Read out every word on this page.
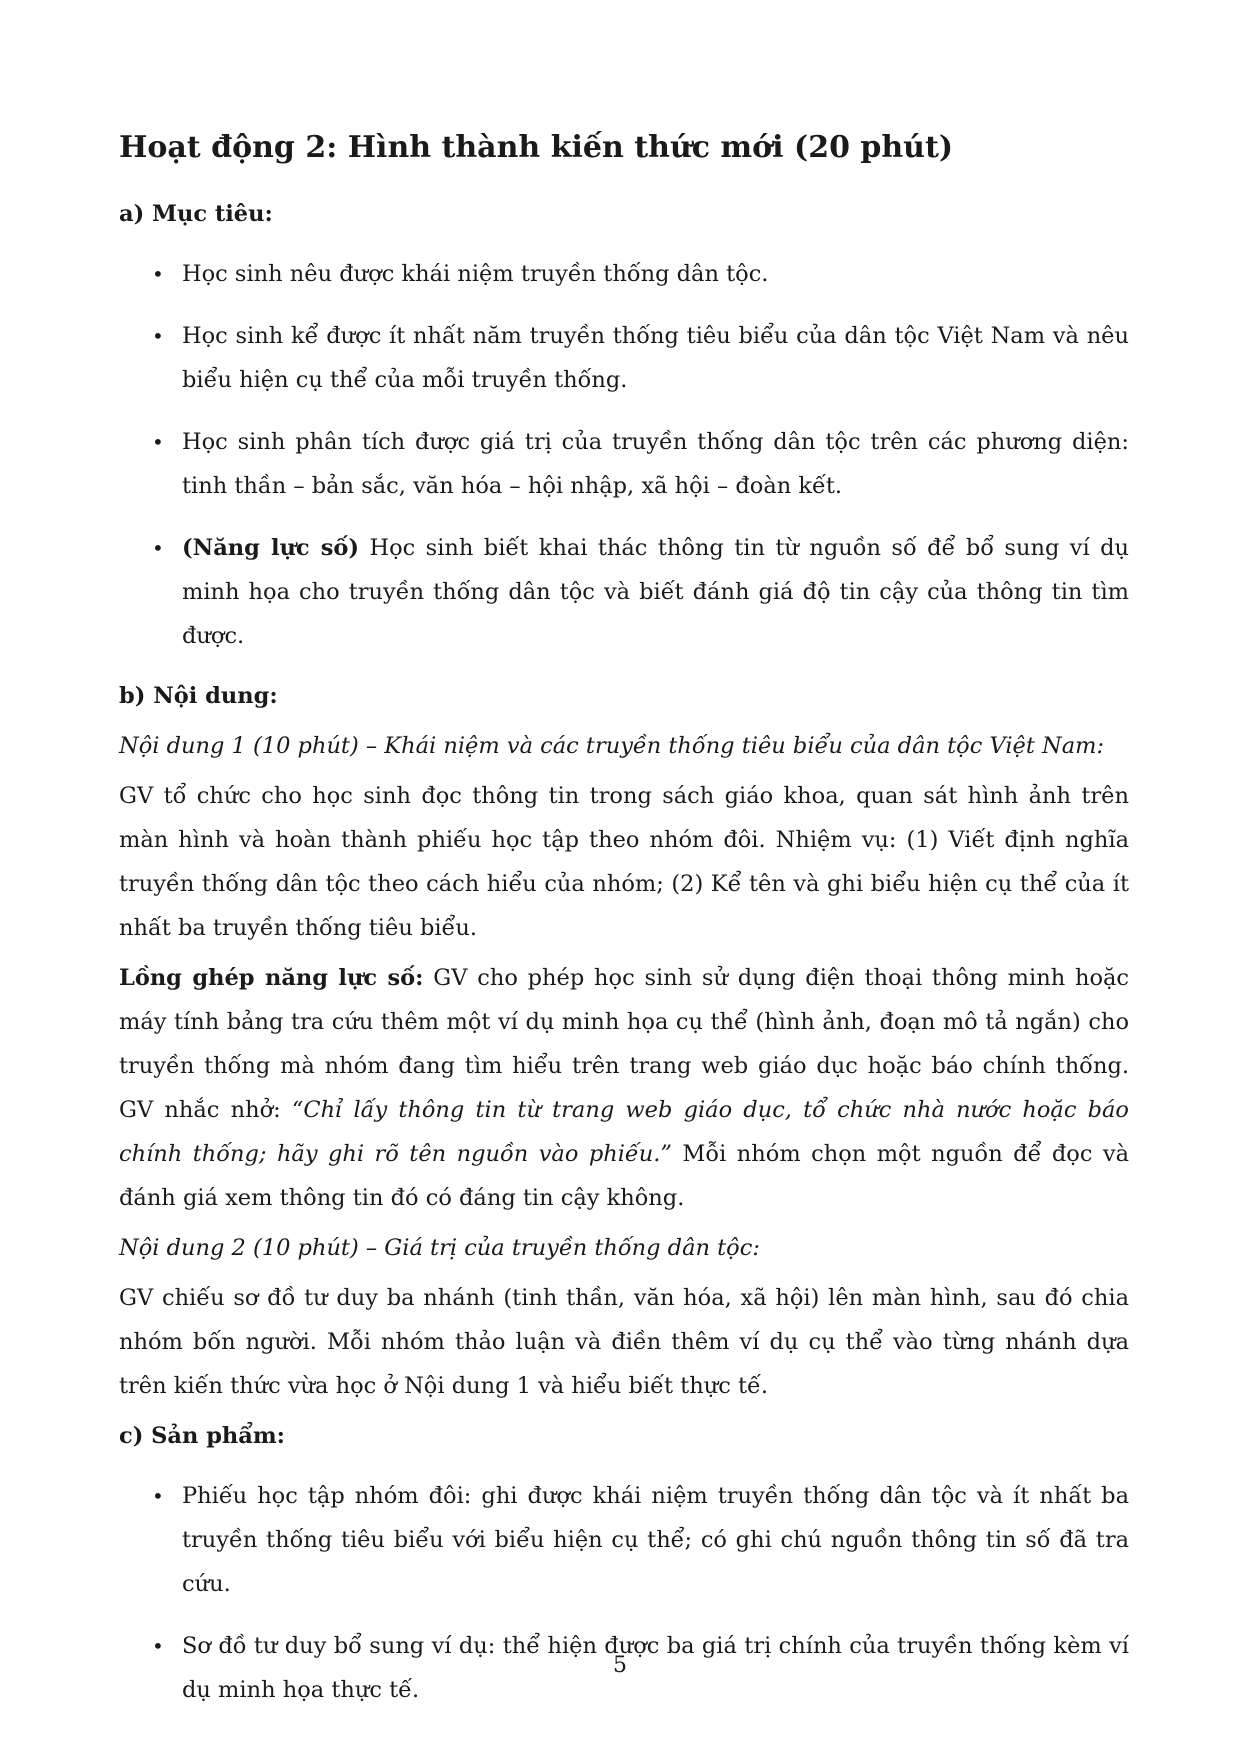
Hoạt động 2: Hình thành kiến thức mới (20 phút)
a) Mục tiêu:
• Học sinh nêu được khái niệm truyền thống dân tộc.
• Học sinh kể được ít nhất năm truyền thống tiêu biểu của dân tộc Việt Nam và nêu biểu hiện cụ thể của mỗi truyền thống.
• Học sinh phân tích được giá trị của truyền thống dân tộc trên các phương diện: tinh thần – bản sắc, văn hóa – hội nhập, xã hội – đoàn kết.
• (Năng lực số) Học sinh biết khai thác thông tin từ nguồn số để bổ sung ví dụ minh họa cho truyền thống dân tộc và biết đánh giá độ tin cậy của thông tin tìm được.
b) Nội dung:

Nội dung 1 (10 phút) – Khái niệm và các truyền thống tiêu biểu của dân tộc Việt Nam:

GV tổ chức cho học sinh đọc thông tin trong sách giáo khoa, quan sát hình ảnh trên màn hình và hoàn thành phiếu học tập theo nhóm đôi. Nhiệm vụ: (1) Viết định nghĩa truyền thống dân tộc theo cách hiểu của nhóm; (2) Kể tên và ghi biểu hiện cụ thể của ít nhất ba truyền thống tiêu biểu.

Lồng ghép năng lực số: GV cho phép học sinh sử dụng điện thoại thông minh hoặc máy tính bảng tra cứu thêm một ví dụ minh họa cụ thể (hình ảnh, đoạn mô tả ngắn) cho truyền thống mà nhóm đang tìm hiểu trên trang web giáo dục hoặc báo chính thống. GV nhắc nhở: “Chỉ lấy thông tin từ trang web giáo dục, tổ chức nhà nước hoặc báo chính thống; hãy ghi rõ tên nguồn vào phiếu.” Mỗi nhóm chọn một nguồn để đọc và đánh giá xem thông tin đó có đáng tin cậy không.

Nội dung 2 (10 phút) – Giá trị của truyền thống dân tộc:

GV chiếu sơ đồ tư duy ba nhánh (tinh thần, văn hóa, xã hội) lên màn hình, sau đó chia nhóm bốn người. Mỗi nhóm thảo luận và điền thêm ví dụ cụ thể vào từng nhánh dựa trên kiến thức vừa học ở Nội dung 1 và hiểu biết thực tế.

c) Sản phẩm:
• Phiếu học tập nhóm đôi: ghi được khái niệm truyền thống dân tộc và ít nhất ba truyền thống tiêu biểu với biểu hiện cụ thể; có ghi chú nguồn thông tin số đã tra cứu.
• Sơ đồ tư duy bổ sung ví dụ: thể hiện được ba giá trị chính của truyền thống kèm ví dụ minh họa thực tế.
5
